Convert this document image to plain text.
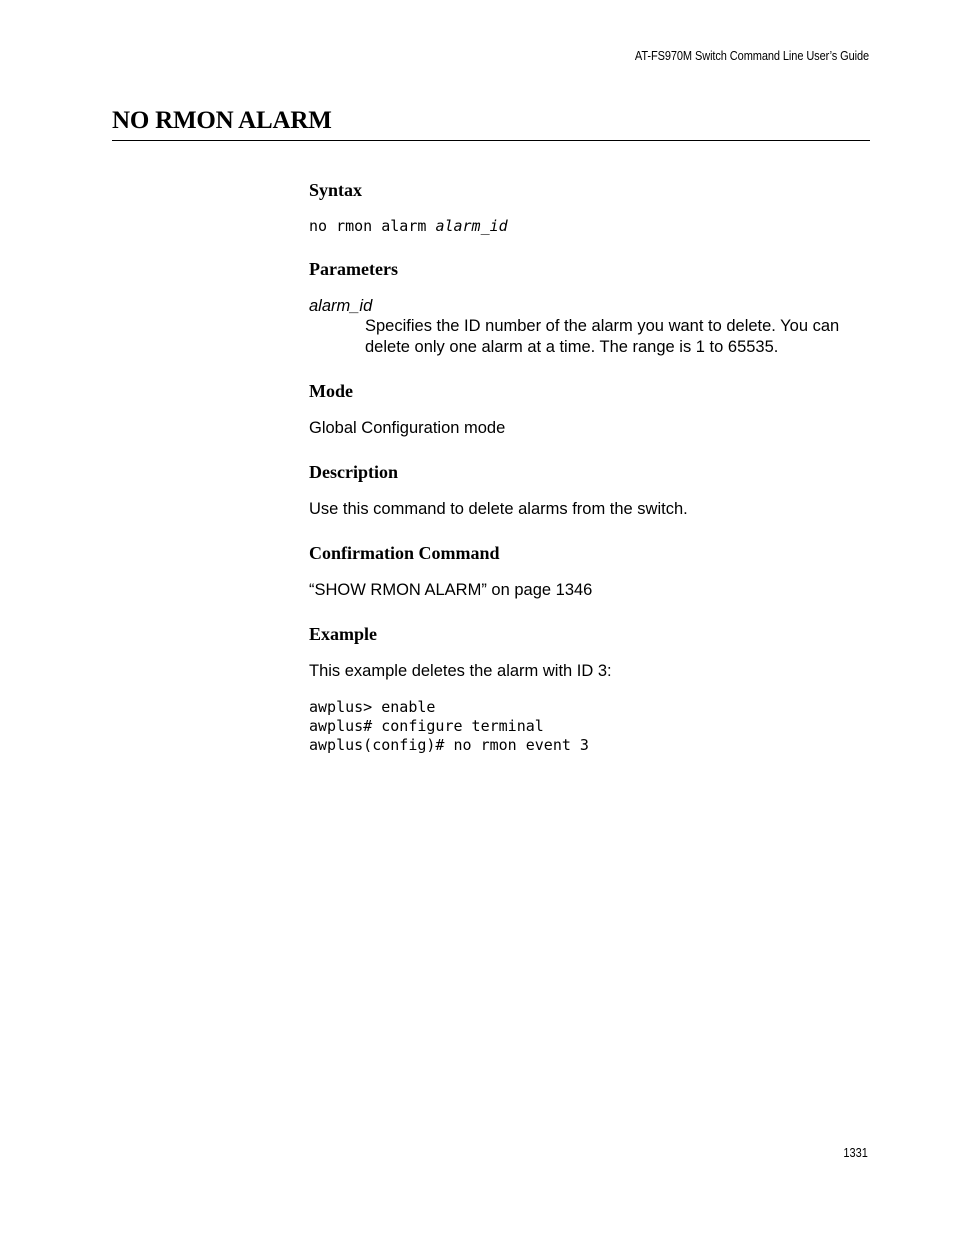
AT-FS970M Switch Command Line User’s Guide
NO RMON ALARM
Syntax
no rmon alarm alarm_id
Parameters
alarm_id

Specifies the ID number of the alarm you want to delete. You can

delete only one alarm at a time. The range is 1 to 65535.

Mode

Global Configuration mode

Description

Use this command to delete alarms from the switch.

Confirmation Command

“SHOW RMON ALARM” on page 1346

Example

This example deletes the alarm with ID 3:

awplus> enable
awplus# configure terminal
awplus(config)# no rmon event 3
1331
